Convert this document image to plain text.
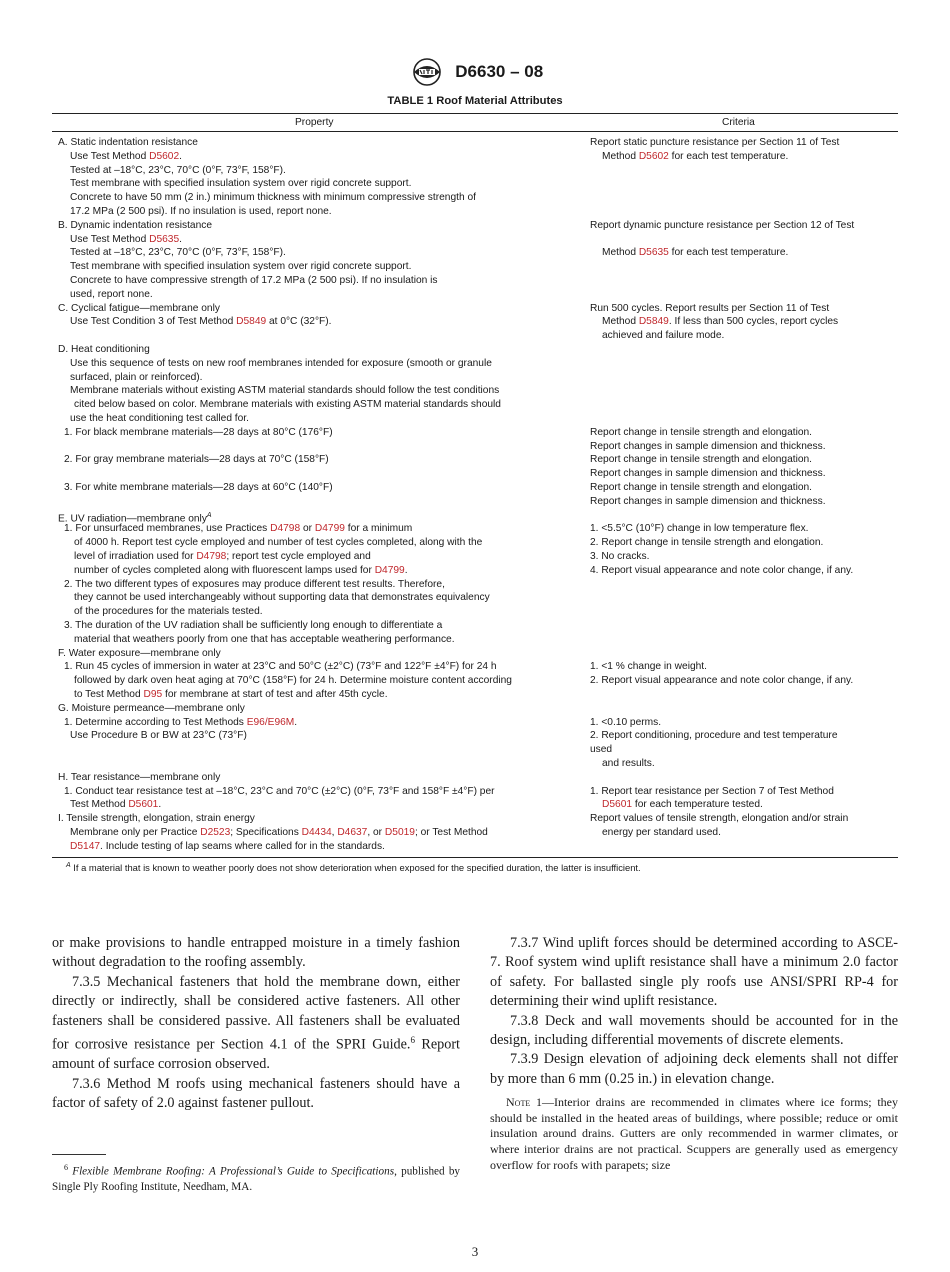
D6630 – 08
TABLE 1 Roof Material Attributes
Property	Criteria
A. Static indentation resistance
Use Test Method D5602.
Tested at –18°C, 23°C, 70°C (0°F, 73°F, 158°F).
Test membrane with specified insulation system over rigid concrete support.
Concrete to have 50 mm (2 in.) minimum thickness with minimum compressive strength of
17.2 MPa (2 500 psi). If no insulation is used, report none.
Report static puncture resistance per Section 11 of Test
Method D5602 for each test temperature.
B. Dynamic indentation resistance
Use Test Method D5635.
Tested at –18°C, 23°C, 70°C (0°F, 73°F, 158°F).
Test membrane with specified insulation system over rigid concrete support.
Concrete to have compressive strength of 17.2 MPa (2 500 psi). If no insulation is
used, report none.
Report dynamic puncture resistance per Section 12 of Test
Method D5635 for each test temperature.
C. Cyclical fatigue—membrane only
Use Test Condition 3 of Test Method D5849 at 0°C (32°F).
Run 500 cycles. Report results per Section 11 of Test
Method D5849. If less than 500 cycles, report cycles
achieved and failure mode.
D. Heat conditioning
Use this sequence of tests on new roof membranes intended for exposure (smooth or granule
surfaced, plain or reinforced).
Membrane materials without existing ASTM material standards should follow the test conditions
cited below based on color. Membrane materials with existing ASTM material standards should
use the heat conditioning test called for.
1. For black membrane materials—28 days at 80°C (176°F)
2. For gray membrane materials—28 days at 70°C (158°F)
3. For white membrane materials—28 days at 60°C (140°F)
Report change in tensile strength and elongation.
Report changes in sample dimension and thickness.
Report change in tensile strength and elongation.
Report changes in sample dimension and thickness.
Report change in tensile strength and elongation.
Report changes in sample dimension and thickness.
E. UV radiation—membrane only$^A$
1. For unsurfaced membranes, use Practices D4798 or D4799 for a minimum
of 4000 h. Report test cycle employed and number of test cycles completed, along with the
level of irradiation used for D4798; report test cycle employed and
number of cycles completed along with fluorescent lamps used for D4799.
2. The two different types of exposures may produce different test results. Therefore,
they cannot be used interchangeably without supporting data that demonstrates equivalency
of the procedures for the materials tested.
3. The duration of the UV radiation shall be sufficiently long enough to differentiate a
material that weathers poorly from one that has acceptable weathering performance.
1. <5.5°C (10°F) change in low temperature flex.
2. Report change in tensile strength and elongation.
3. No cracks.
4. Report visual appearance and note color change, if any.
F. Water exposure—membrane only
1. Run 45 cycles of immersion in water at 23°C and 50°C (±2°C) (73°F and 122°F ±4°F) for 24 h
followed by dark oven heat aging at 70°C (158°F) for 24 h. Determine moisture content according
to Test Method D95 for membrane at start of test and after 45th cycle.
1. <1 % change in weight.
2. Report visual appearance and note color change, if any.
G. Moisture permeance—membrane only
1. Determine according to Test Methods E96/E96M.
Use Procedure B or BW at 23°C (73°F)
1. <0.10 perms.
2. Report conditioning, procedure and test temperature
used
and results.
H. Tear resistance—membrane only
1. Conduct tear resistance test at –18°C, 23°C and 70°C (±2°C) (0°F, 73°F and 158°F ±4°F) per
Test Method D5601.
1. Report tear resistance per Section 7 of Test Method
D5601 for each temperature tested.
I. Tensile strength, elongation, strain energy
Membrane only per Practice D2523; Specifications D4434, D4637, or D5019; or Test Method
D5147. Include testing of lap seams where called for in the standards.
Report values of tensile strength, elongation and/or strain
energy per standard used.
$^A$ If a material that is known to weather poorly does not show deterioration when exposed for the specified duration, the latter is insufficient.

or make provisions to handle entrapped moisture in a timely fashion without degradation to the roofing assembly.

7.3.5 Mechanical fasteners that hold the membrane down, either directly or indirectly, shall be considered active fasteners. All other fasteners shall be considered passive. All fasteners shall be evaluated for corrosive resistance per Section 4.1 of the SPRI Guide.$^6$ Report amount of surface corrosion observed.

7.3.6 Method M roofs using mechanical fasteners should have a factor of safety of 2.0 against fastener pullout.

7.3.7 Wind uplift forces should be determined according to ASCE-7. Roof system wind uplift resistance shall have a minimum 2.0 factor of safety. For ballasted single ply roofs use ANSI/SPRI RP-4 for determining their wind uplift resistance.

7.3.8 Deck and wall movements should be accounted for in the design, including differential movements of discrete elements.

7.3.9 Design elevation of adjoining deck elements shall not differ by more than 6 mm (0.25 in.) in elevation change.

Note 1—Interior drains are recommended in climates where ice forms; they should be installed in the heated areas of buildings, where possible; reduce or omit insulation around drains. Gutters are only recommended in warmer climates, or where interior drains are not practical. Scuppers are generally used as emergency overflow for roofs with parapets; size
$^6$ Flexible Membrane Roofing: A Professional’s Guide to Specifications, published by Single Ply Roofing Institute, Needham, MA.
3
